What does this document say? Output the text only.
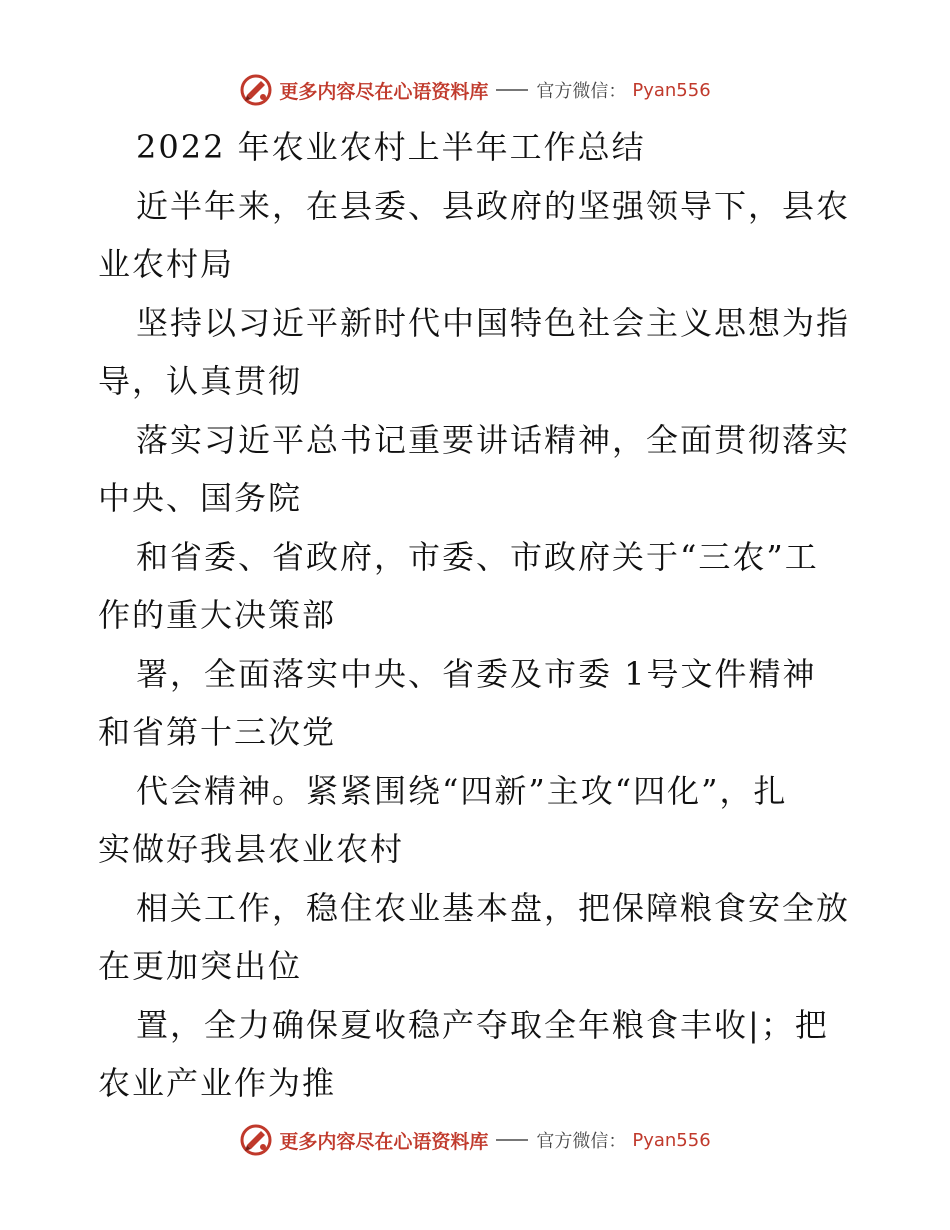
更多内容尽在心语资料库	官方微信： Pyan556
2022 年农业农村上半年工作总结
近半年来，在县委、县政府的坚强领导下，县农
业农村局
坚持以习近平新时代中国特色社会主义思想为指
导，认真贯彻
落实习近平总书记重要讲话精神，全面贯彻落实
中央、国务院
和省委、省政府，市委、市政府关于“三农”工
作的重大决策部
署，全面落实中央、省委及市委 1号文件精神
和省第十三次党
代会精神。紧紧围绕“四新”主攻“四化”，扎
实做好我县农业农村
相关工作，稳住农业基本盘，把保障粮食安全放
在更加突出位
置，全力确保夏收稳产夺取全年粮食丰收|；把
农业产业作为推
更多内容尽在心语资料库	官方微信： Pyan556
